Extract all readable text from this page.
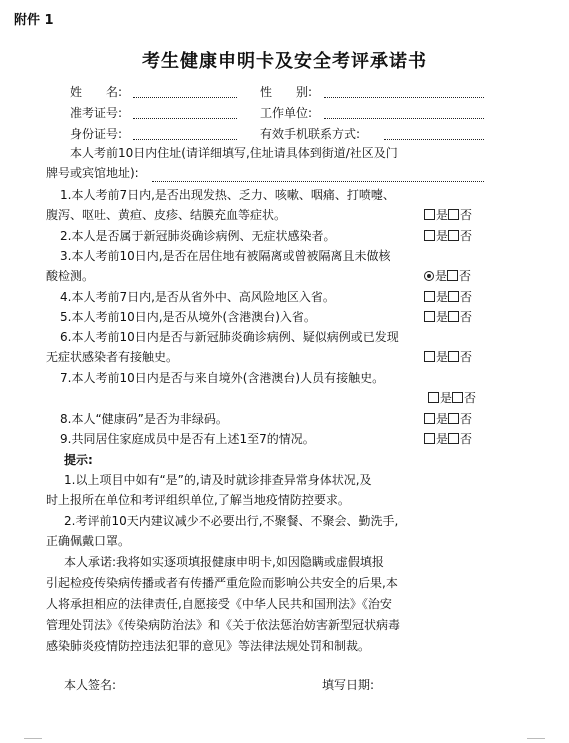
附件 1
考生健康申明卡及安全考评承诺书
姓　　名:	性　　别:
准考证号:	工作单位:
身份证号:	有效手机联系方式:
本人考前10日内住址(请详细填写,住址请具体到街道/社区及门
牌号或宾馆地址):
1.本人考前7日内,是否出现发热、乏力、咳嗽、咽痛、打喷嚏、
腹泻、呕吐、黄疸、皮疹、结膜充血等症状。	是 否
2.本人是否属于新冠肺炎确诊病例、无症状感染者。	是 否
3.本人考前10日内,是否在居住地有被隔离或曾被隔离且未做核
酸检测。	是 否
4.本人考前7日内,是否从省外中、高风险地区入省。	是 否
5.本人考前10日内,是否从境外(含港澳台)入省。	是 否
6.本人考前10日内是否与新冠肺炎确诊病例、疑似病例或已发现
无症状感染者有接触史。	是 否
7.本人考前10日内是否与来自境外(含港澳台)人员有接触史。
是 否
8.本人“健康码”是否为非绿码。	是 否
9.共同居住家庭成员中是否有上述1至7的情况。	是 否
提示:
1.以上项目中如有“是”的,请及时就诊排查异常身体状况,及
时上报所在单位和考评组织单位,了解当地疫情防控要求。
2.考评前10天内建议减少不必要出行,不聚餐、不聚会、勤洗手,
正确佩戴口罩。
本人承诺:我将如实逐项填报健康申明卡,如因隐瞒或虚假填报
引起检疫传染病传播或者有传播严重危险而影响公共安全的后果,本
人将承担相应的法律责任,自愿接受《中华人民共和国刑法》《治安
管理处罚法》《传染病防治法》和《关于依法惩治妨害新型冠状病毒
感染肺炎疫情防控违法犯罪的意见》等法律法规处罚和制裁。
本人签名:	填写日期:
